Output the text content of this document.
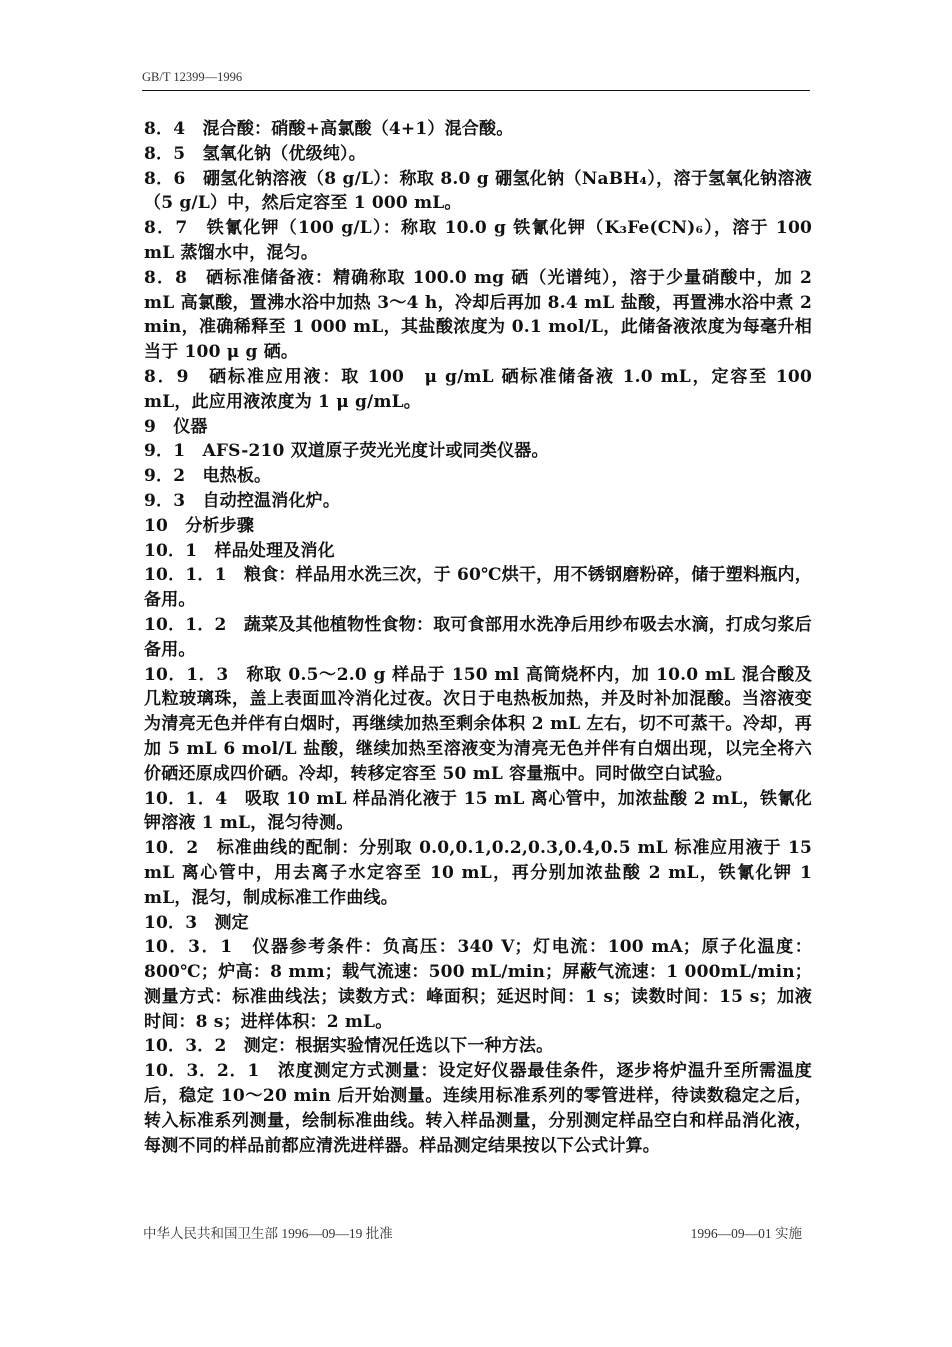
GB/T 12399—1996

8．4　混合酸：硝酸+高氯酸（4+1）混合酸。

8．5　氢氧化钠（优级纯）。

8．6　硼氢化钠溶液（8 g/L）：称取 8.0 g 硼氢化钠（NaBH₄），溶于氢氧化钠溶液（5 g/L）中，然后定容至 1 000 mL。

8．7　铁氰化钾（100 g/L）：称取 10.0 g 铁氰化钾（K₃Fe(CN)₆），溶于 100 mL 蒸馏水中，混匀。

8．8　硒标准储备液：精确称取 100.0 mg 硒（光谱纯），溶于少量硝酸中，加 2 mL 高氯酸，置沸水浴中加热 3～4 h，冷却后再加 8.4 mL 盐酸，再置沸水浴中煮 2 min，准确稀释至 1 000 mL，其盐酸浓度为 0.1 mol/L，此储备液浓度为每毫升相当于 100 μ g 硒。

8．9　硒标准应用液：取 100　μ g/mL 硒标准储备液 1.0 mL，定容至 100 mL，此应用液浓度为 1 μ g/mL。

9　仪器

9．1　AFS-210 双道原子荧光光度计或同类仪器。

9．2　电热板。

9．3　自动控温消化炉。

10　分析步骤

10．1　样品处理及消化

10．1．1　粮食：样品用水洗三次，于 60℃烘干，用不锈钢磨粉碎，储于塑料瓶内，备用。

10．1．2　蔬菜及其他植物性食物：取可食部用水洗净后用纱布吸去水滴，打成匀浆后备用。

10．1．3　称取 0.5～2.0 g 样品于 150 ml 高筒烧杯内，加 10.0 mL 混合酸及几粒玻璃珠，盖上表面皿冷消化过夜。次日于电热板加热，并及时补加混酸。当溶液变为清亮无色并伴有白烟时，再继续加热至剩余体积 2 mL 左右，切不可蒸干。冷却，再加 5 mL 6 mol/L 盐酸，继续加热至溶液变为清亮无色并伴有白烟出现，以完全将六价硒还原成四价硒。冷却，转移定容至 50 mL 容量瓶中。同时做空白试验。

10．1．4　吸取 10 mL 样品消化液于 15 mL 离心管中，加浓盐酸 2 mL，铁氰化钾溶液 1 mL，混匀待测。

10．2　标准曲线的配制：分别取 0.0,0.1,0.2,0.3,0.4,0.5 mL 标准应用液于 15 mL 离心管中，用去离子水定容至 10 mL，再分别加浓盐酸 2 mL，铁氰化钾 1 mL，混匀，制成标准工作曲线。

10．3　测定

10．3．1　仪器参考条件：负高压：340 V；灯电流：100 mA；原子化温度：800℃；炉高：8 mm；载气流速：500 mL/min；屏蔽气流速：1 000mL/min；测量方式：标准曲线法；读数方式：峰面积；延迟时间：1 s；读数时间：15 s；加液时间：8 s；进样体积：2 mL。

10．3．2　测定：根据实验情况任选以下一种方法。

10．3．2．1　浓度测定方式测量：设定好仪器最佳条件，逐步将炉温升至所需温度后，稳定 10～20 min 后开始测量。连续用标准系列的零管进样，待读数稳定之后，转入标准系列测量，绘制标准曲线。转入样品测量，分别测定样品空白和样品消化液，每测不同的样品前都应清洗进样器。样品测定结果按以下公式计算。

中华人民共和国卫生部 1996—09—19 批准	1996—09—01 实施
